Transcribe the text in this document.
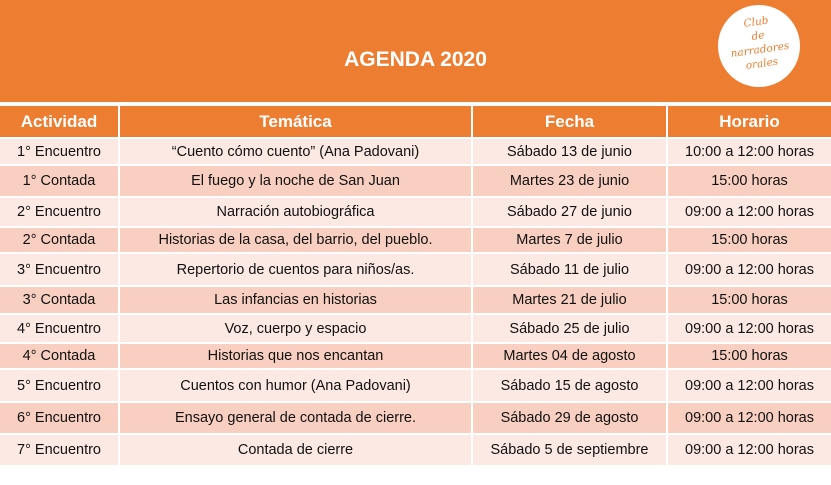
AGENDA 2020
Club
de
narradores
orales
Actividad	Temática	Fecha	Horario
1° Encuentro	“Cuento cómo cuento” (Ana Padovani)	Sábado 13 de junio	10:00 a 12:00 horas
1° Contada	El fuego y la noche de San Juan	Martes 23 de junio	15:00 horas
2° Encuentro	Narración autobiográfica	Sábado 27 de junio	09:00 a 12:00 horas
2° Contada	Historias de la casa, del barrio, del pueblo.	Martes 7 de julio	15:00 horas
3° Encuentro	Repertorio de cuentos para niños/as.	Sábado 11 de julio	09:00 a 12:00 horas
3° Contada	Las infancias en historias	Martes 21 de julio	15:00 horas
4° Encuentro	Voz, cuerpo y espacio	Sábado 25 de julio	09:00 a 12:00 horas
4° Contada	Historias que nos encantan	Martes 04 de agosto	15:00 horas
5° Encuentro	Cuentos con humor (Ana Padovani)	Sábado 15 de agosto	09:00 a 12:00 horas
6° Encuentro	Ensayo general de contada de cierre.	Sábado 29 de agosto	09:00 a 12:00 horas
7° Encuentro	Contada de cierre	Sábado 5 de septiembre	09:00 a 12:00 horas
